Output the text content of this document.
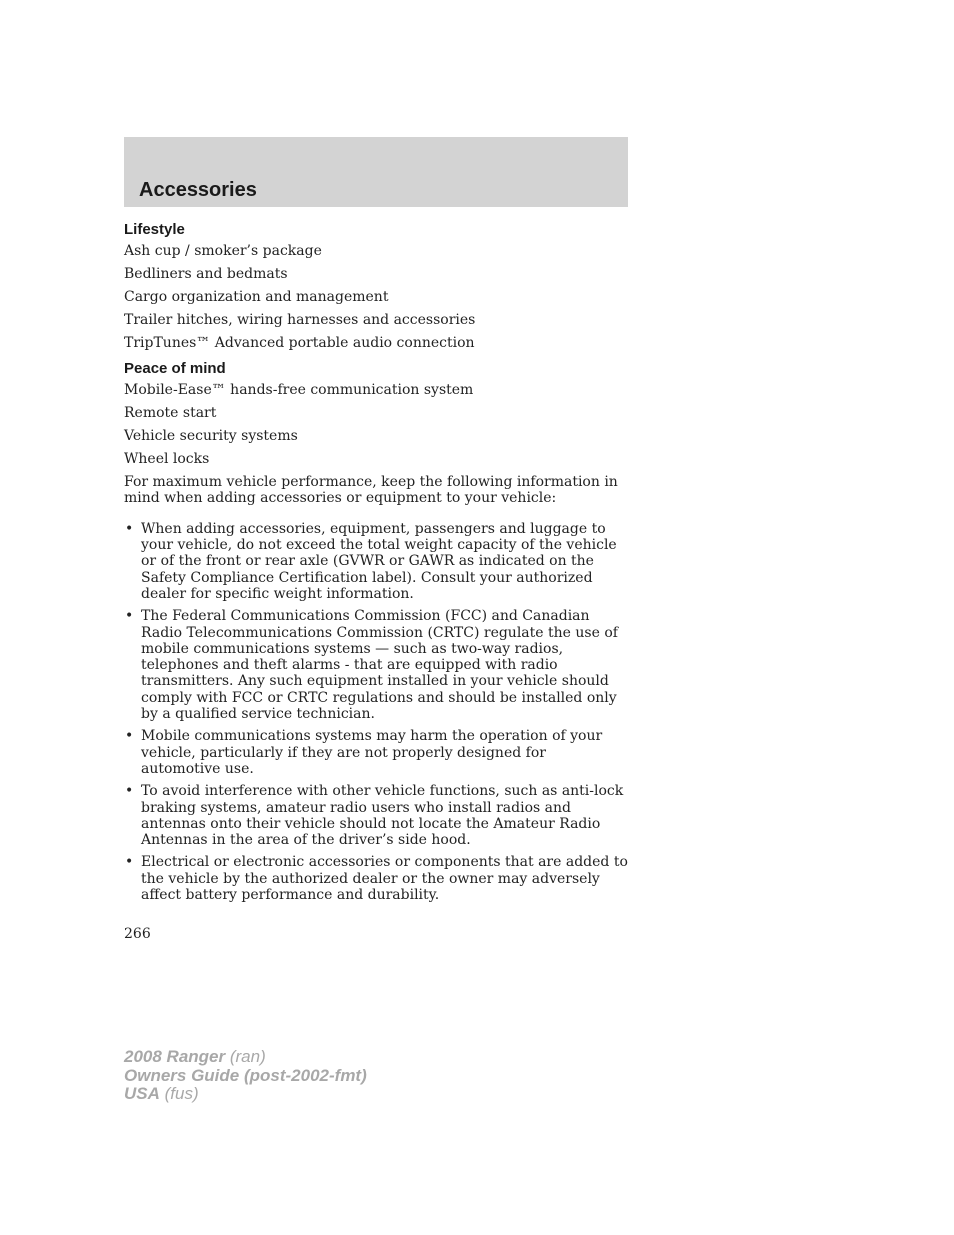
Accessories
Lifestyle
Ash cup / smoker’s package
Bedliners and bedmats
Cargo organization and management
Trailer hitches, wiring harnesses and accessories
TripTunes™ Advanced portable audio connection
Peace of mind
Mobile-Ease™ hands-free communication system
Remote start
Vehicle security systems
Wheel locks

For maximum vehicle performance, keep the following information in mind when adding accessories or equipment to your vehicle:

• When adding accessories, equipment, passengers and luggage to your vehicle, do not exceed the total weight capacity of the vehicle or of the front or rear axle (GVWR or GAWR as indicated on the Safety Compliance Certification label). Consult your authorized dealer for specific weight information.
• The Federal Communications Commission (FCC) and Canadian Radio Telecommunications Commission (CRTC) regulate the use of mobile communications systems — such as two-way radios, telephones and theft alarms - that are equipped with radio transmitters. Any such equipment installed in your vehicle should comply with FCC or CRTC regulations and should be installed only by a qualified service technician.
• Mobile communications systems may harm the operation of your vehicle, particularly if they are not properly designed for automotive use.
• To avoid interference with other vehicle functions, such as anti-lock braking systems, amateur radio users who install radios and antennas onto their vehicle should not locate the Amateur Radio Antennas in the area of the driver’s side hood.
• Electrical or electronic accessories or components that are added to the vehicle by the authorized dealer or the owner may adversely affect battery performance and durability.
266
2008 Ranger (ran)
Owners Guide (post-2002-fmt)
USA (fus)
